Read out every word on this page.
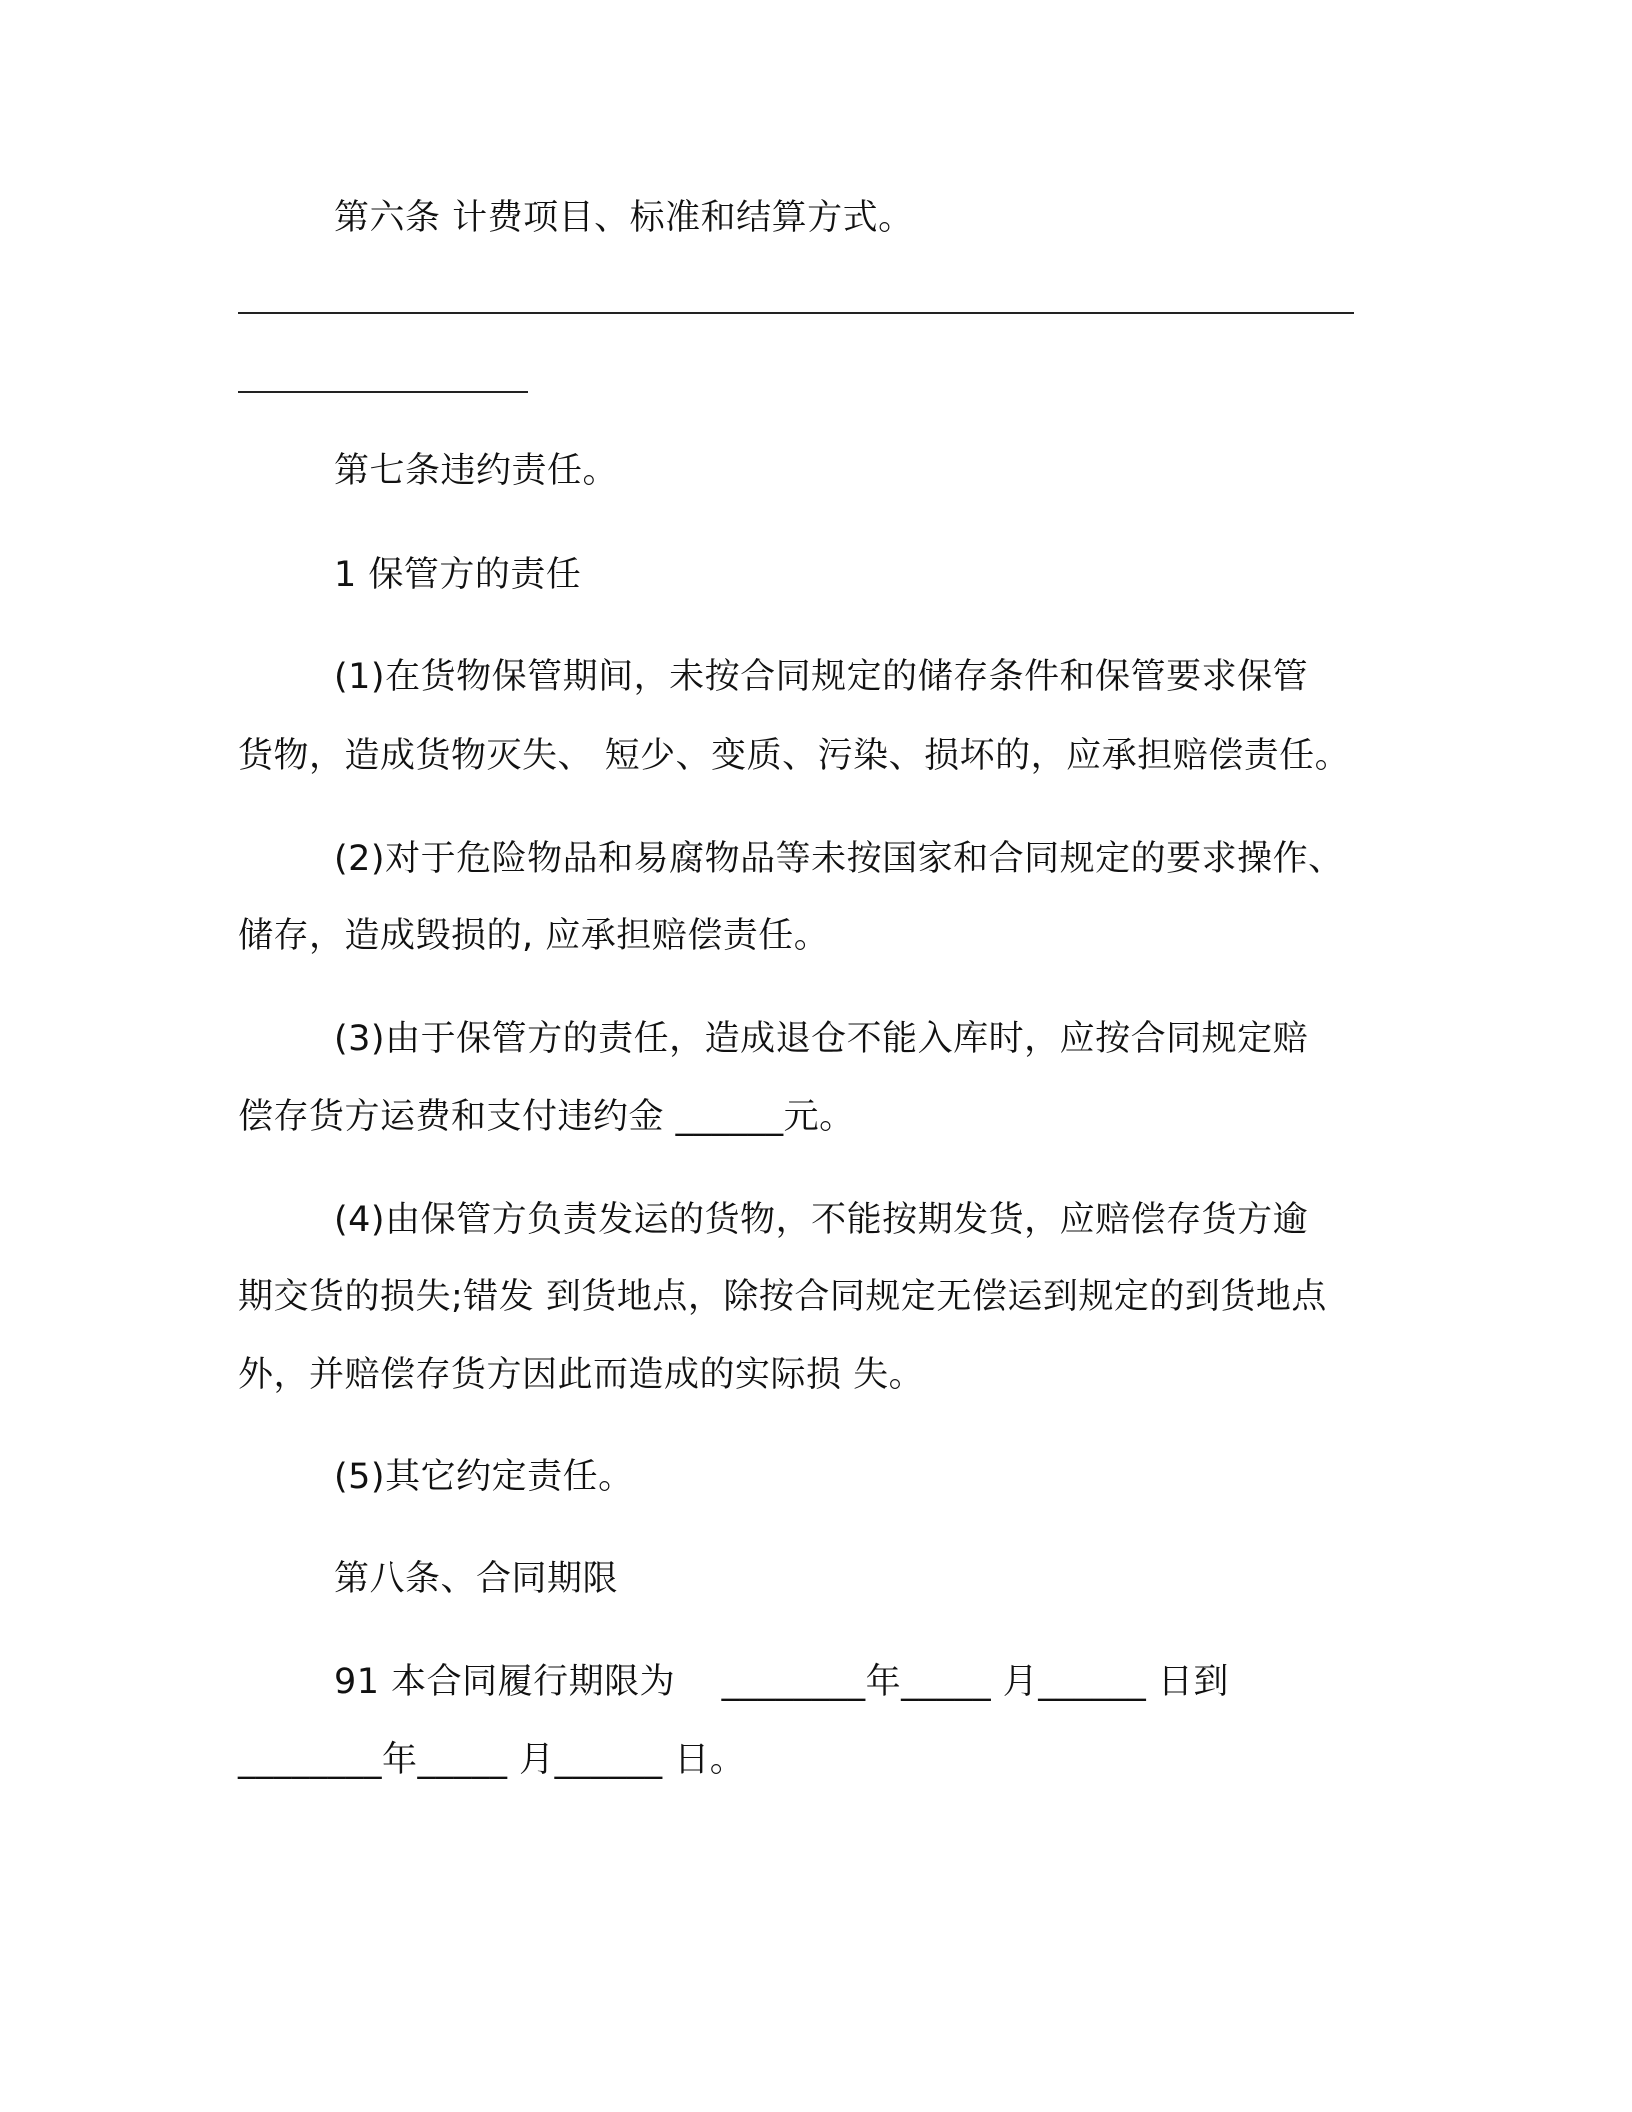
第六条 计费项目、标准和结算方式。
第七条违约责任。
1 保管方的责任
(1)在货物保管期间，未按合同规定的储存条件和保管要求保管
货物，造成货物灭失、 短少、变质、污染、损坏的，应承担赔偿责任。
(2)对于危险物品和易腐物品等未按国家和合同规定的要求操作、
储存，造成毁损的, 应承担赔偿责任。
(3)由于保管方的责任，造成退仓不能入库时，应按合同规定赔
偿存货方运费和支付违约金 ______元。
(4)由保管方负责发运的货物，不能按期发货，应赔偿存货方逾
期交货的损失;错发 到货地点，除按合同规定无偿运到规定的到货地点
外，并赔偿存货方因此而造成的实际损 失。
(5)其它约定责任。
第八条、合同期限
91 本合同履行期限为    ________年_____ 月______ 日到
________年_____ 月______ 日。
